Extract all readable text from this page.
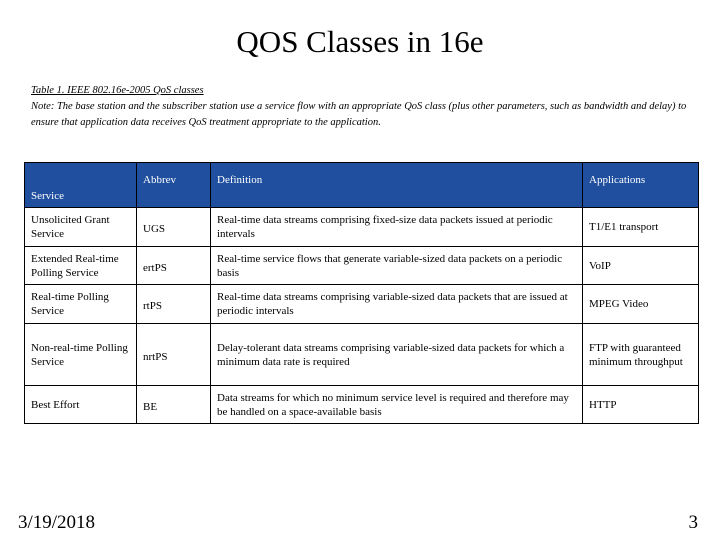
QOS Classes in 16e
Table 1. IEEE 802.16e-2005 QoS classes
Note: The base station and the subscriber station use a service flow with an appropriate QoS class (plus other parameters, such as bandwidth and delay) to ensure that application data receives QoS treatment appropriate to the application.
Service	Abbrev	Definition	Applications
Unsolicited Grant Service	UGS	Real-time data streams comprising fixed-size data packets issued at periodic intervals	T1/E1 transport
Extended Real-time Polling Service	ertPS	Real-time service flows that generate variable-sized data packets on a periodic basis	VoIP
Real-time Polling Service	rtPS	Real-time data streams comprising variable-sized data packets that are issued at periodic intervals	MPEG Video
Non-real-time Polling Service	nrtPS	Delay-tolerant data streams comprising variable-sized data packets for which a minimum data rate is required	FTP with guaranteed minimum throughput
Best Effort	BE	Data streams for which no minimum service level is required and therefore may be handled on a space-available basis	HTTP
3/19/2018	3
